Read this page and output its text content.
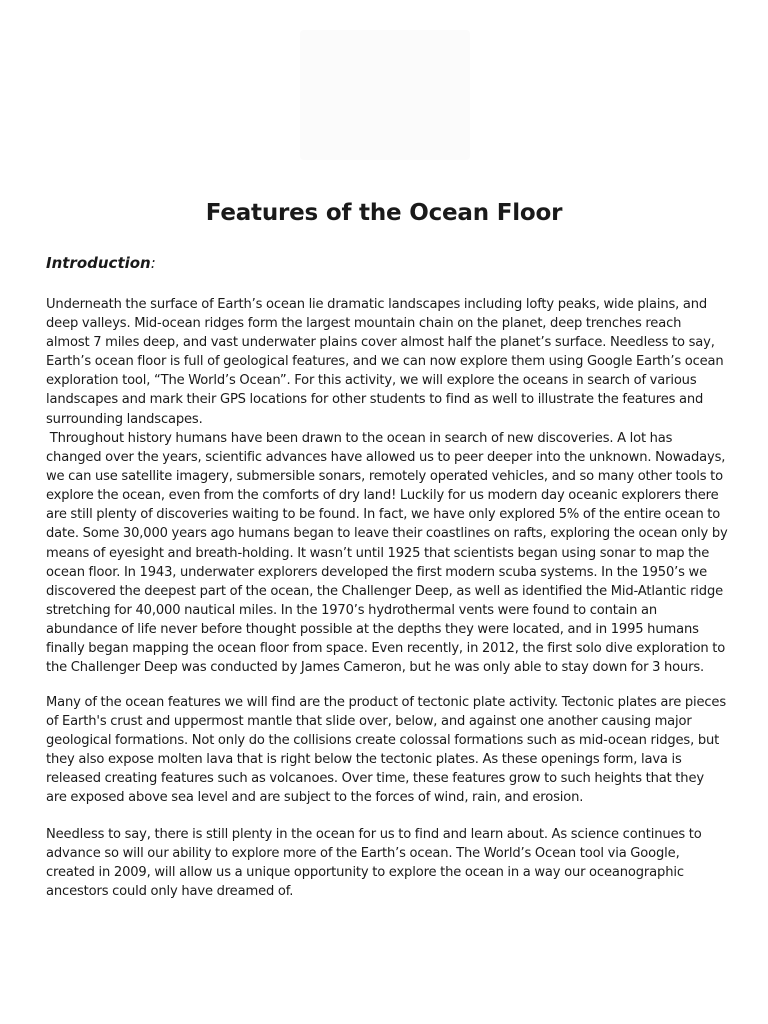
Features of the Ocean Floor
Introduction:

Underneath the surface of Earth’s ocean lie dramatic landscapes including lofty peaks, wide plains, and deep valleys. Mid-ocean ridges form the largest mountain chain on the planet, deep trenches reach almost 7 miles deep, and vast underwater plains cover almost half the planet’s surface. Needless to say, Earth’s ocean floor is full of geological features, and we can now explore them using Google Earth’s ocean exploration tool, “The World’s Ocean”. For this activity, we will explore the oceans in search of various landscapes and mark their GPS locations for other students to find as well to illustrate the features and surrounding landscapes.

Throughout history humans have been drawn to the ocean in search of new discoveries. A lot has changed over the years, scientific advances have allowed us to peer deeper into the unknown. Nowadays, we can use satellite imagery, submersible sonars, remotely operated vehicles, and so many other tools to explore the ocean, even from the comforts of dry land! Luckily for us modern day oceanic explorers there are still plenty of discoveries waiting to be found. In fact, we have only explored 5% of the entire ocean to date. Some 30,000 years ago humans began to leave their coastlines on rafts, exploring the ocean only by means of eyesight and breath-holding. It wasn’t until 1925 that scientists began using sonar to map the ocean floor. In 1943, underwater explorers developed the first modern scuba systems. In the 1950’s we discovered the deepest part of the ocean, the Challenger Deep, as well as identified the Mid-Atlantic ridge stretching for 40,000 nautical miles. In the 1970’s hydrothermal vents were found to contain an abundance of life never before thought possible at the depths they were located, and in 1995 humans finally began mapping the ocean floor from space. Even recently, in 2012, the first solo dive exploration to the Challenger Deep was conducted by James Cameron, but he was only able to stay down for 3 hours.

Many of the ocean features we will find are the product of tectonic plate activity. Tectonic plates are pieces of Earth's crust and uppermost mantle that slide over, below, and against one another causing major geological formations. Not only do the collisions create colossal formations such as mid-ocean ridges, but they also expose molten lava that is right below the tectonic plates. As these openings form, lava is released creating features such as volcanoes. Over time, these features grow to such heights that they are exposed above sea level and are subject to the forces of wind, rain, and erosion.

Needless to say, there is still plenty in the ocean for us to find and learn about. As science continues to advance so will our ability to explore more of the Earth’s ocean. The World’s Ocean tool via Google, created in 2009, will allow us a unique opportunity to explore the ocean in a way our oceanographic ancestors could only have dreamed of.
